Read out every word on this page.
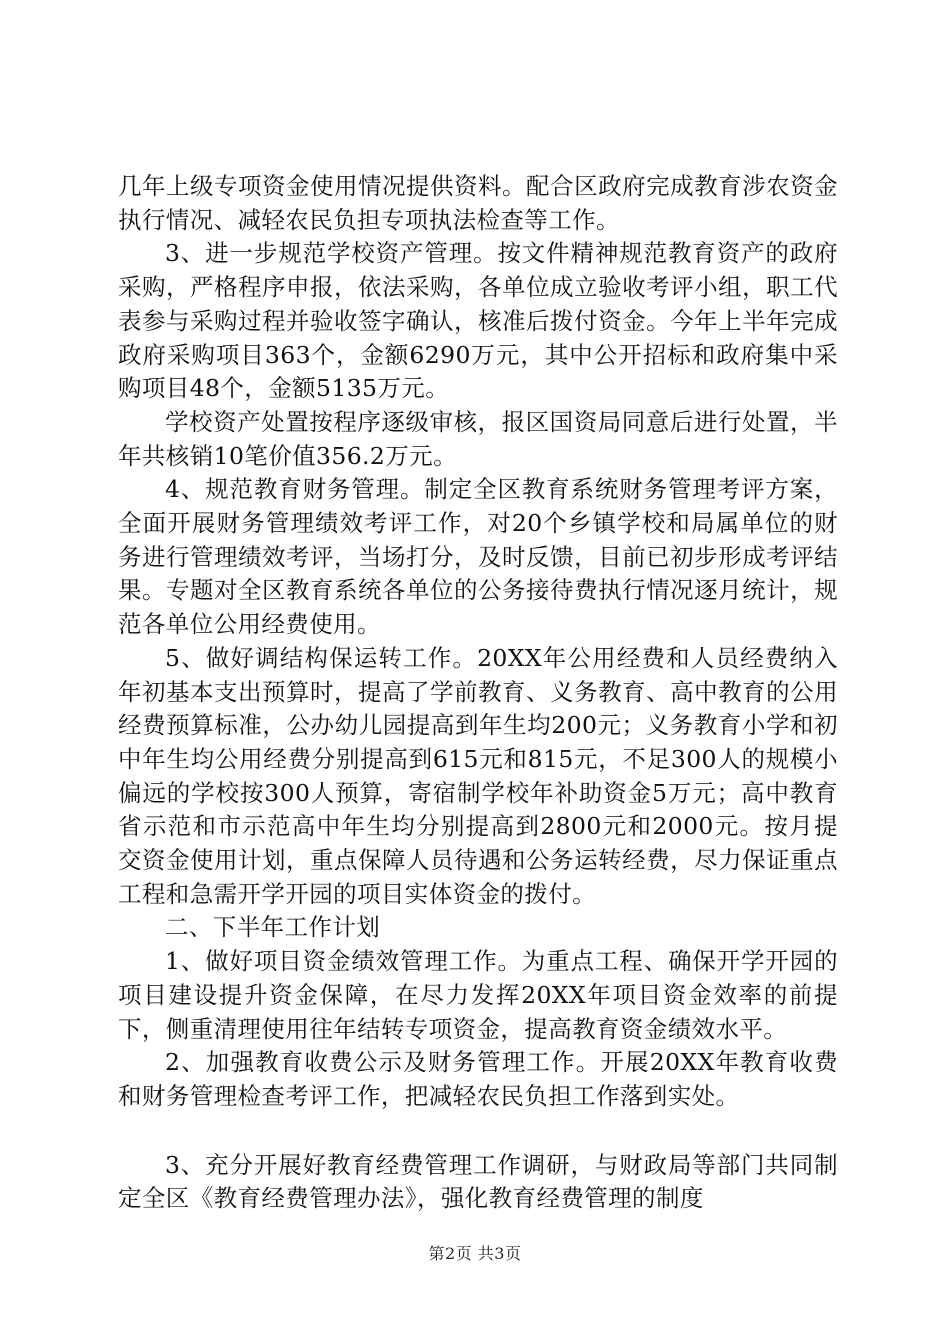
几年上级专项资金使用情况提供资料。配合区政府完成教育涉农资金执行情况、减轻农民负担专项执法检查等工作。

3、进一步规范学校资产管理。按文件精神规范教育资产的政府采购，严格程序申报，依法采购，各单位成立验收考评小组，职工代表参与采购过程并验收签字确认，核准后拨付资金。今年上半年完成政府采购项目363个，金额6290万元，其中公开招标和政府集中采购项目48个，金额5135万元。

学校资产处置按程序逐级审核，报区国资局同意后进行处置，半年共核销10笔价值356.2万元。

4、规范教育财务管理。制定全区教育系统财务管理考评方案，全面开展财务管理绩效考评工作，对20个乡镇学校和局属单位的财务进行管理绩效考评，当场打分，及时反馈，目前已初步形成考评结果。专题对全区教育系统各单位的公务接待费执行情况逐月统计，规范各单位公用经费使用。

5、做好调结构保运转工作。20XX年公用经费和人员经费纳入年初基本支出预算时，提高了学前教育、义务教育、高中教育的公用经费预算标准，公办幼儿园提高到年生均200元；义务教育小学和初中年生均公用经费分别提高到615元和815元，不足300人的规模小偏远的学校按300人预算，寄宿制学校年补助资金5万元；高中教育省示范和市示范高中年生均分别提高到2800元和2000元。按月提交资金使用计划，重点保障人员待遇和公务运转经费，尽力保证重点工程和急需开学开园的项目实体资金的拨付。

二、下半年工作计划

1、做好项目资金绩效管理工作。为重点工程、确保开学开园的项目建设提升资金保障，在尽力发挥20XX年项目资金效率的前提下，侧重清理使用往年结转专项资金，提高教育资金绩效水平。

2、加强教育收费公示及财务管理工作。开展20XX年教育收费和财务管理检查考评工作，把减轻农民负担工作落到实处。

3、充分开展好教育经费管理工作调研，与财政局等部门共同制定全区《教育经费管理办法》，强化教育经费管理的制度

第2页 共3页
